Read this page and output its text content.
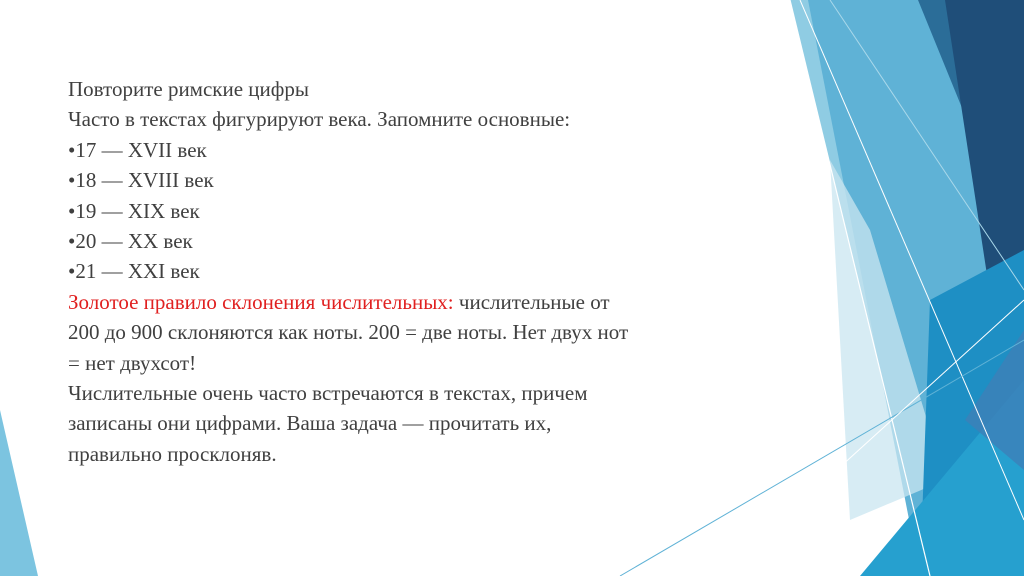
Повторите римские цифры

Часто в текстах фигурируют века. Запомните основные:

•17 — XVII век

•18 — XVIII век

•19 — XIX век

•20 — XX век

•21 — XXI век

Золотое правило склонения числительных: числительные от

200 до 900 склоняются как ноты. 200 = две ноты. Нет двух нот

= нет двухсот!

Числительные очень часто встречаются в текстах, причем

записаны они цифрами. Ваша задача — прочитать их,

правильно просклоняв.
